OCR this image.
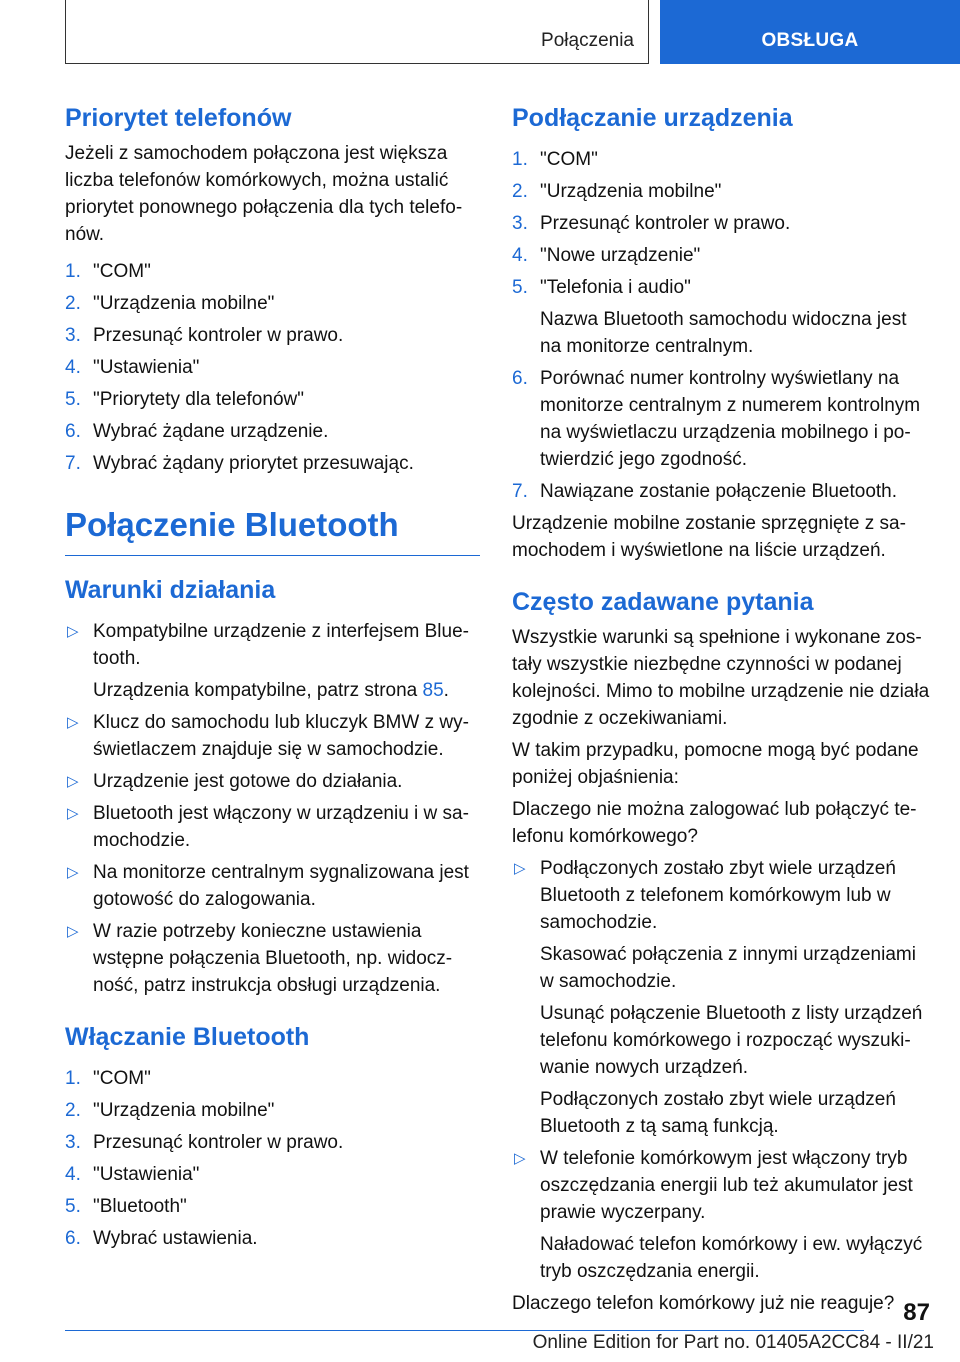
Połączenia	OBSŁUGA
Priorytet telefonów

Jeżeli z samochodem połączona jest większa liczba telefonów komórkowych, można ustalić priorytet ponownego połączenia dla tych telefonów.

1. "COM"
2. "Urządzenia mobilne"
3. Przesunąć kontroler w prawo.
4. "Ustawienia"
5. "Priorytety dla telefonów"
6. Wybrać żądane urządzenie.
7. Wybrać żądany priorytet przesuwając.
Połączenie Bluetooth
Warunki działania
▷ Kompatybilne urządzenie z interfejsem Bluetooth.
Urządzenia kompatybilne, patrz strona 85.
▷ Klucz do samochodu lub kluczyk BMW z wyświetlaczem znajduje się w samochodzie.
▷ Urządzenie jest gotowe do działania.
▷ Bluetooth jest włączony w urządzeniu i w samochodzie.
▷ Na monitorze centralnym sygnalizowana jest gotowość do zalogowania.
▷ W razie potrzeby konieczne ustawienia wstępne połączenia Bluetooth, np. widoczność, patrz instrukcja obsługi urządzenia.
Włączanie Bluetooth
1. "COM"
2. "Urządzenia mobilne"
3. Przesunąć kontroler w prawo.
4. "Ustawienia"
5. "Bluetooth"
6. Wybrać ustawienia.
Podłączanie urządzenia
1. "COM"
2. "Urządzenia mobilne"
3. Przesunąć kontroler w prawo.
4. "Nowe urządzenie"
5. "Telefonia i audio"
Nazwa Bluetooth samochodu widoczna jest na monitorze centralnym.
6. Porównać numer kontrolny wyświetlany na monitorze centralnym z numerem kontrolnym na wyświetlaczu urządzenia mobilnego i potwierdzić jego zgodność.
7. Nawiązane zostanie połączenie Bluetooth.

Urządzenie mobilne zostanie sprzęgnięte z samochodem i wyświetlone na liście urządzeń.

Często zadawane pytania

Wszystkie warunki są spełnione i wykonane zostały wszystkie niezbędne czynności w podanej kolejności. Mimo to mobilne urządzenie nie działa zgodnie z oczekiwaniami.

W takim przypadku, pomocne mogą być podane poniżej objaśnienia:

Dlaczego nie można zalogować lub połączyć telefonu komórkowego?

▷ Podłączonych zostało zbyt wiele urządzeń Bluetooth z telefonem komórkowym lub w samochodzie.
Skasować połączenia z innymi urządzeniami w samochodzie.
Usunąć połączenie Bluetooth z listy urządzeń telefonu komórkowego i rozpocząć wyszukiwanie nowych urządzeń.
Podłączonych zostało zbyt wiele urządzeń Bluetooth z tą samą funkcją.
▷ W telefonie komórkowym jest włączony tryb oszczędzania energii lub też akumulator jest prawie wyczerpany.
Naładować telefon komórkowy i ew. wyłączyć tryb oszczędzania energii.

Dlaczego telefon komórkowy już nie reaguje? 87
Online Edition for Part no. 01405A2CC84 - II/21
